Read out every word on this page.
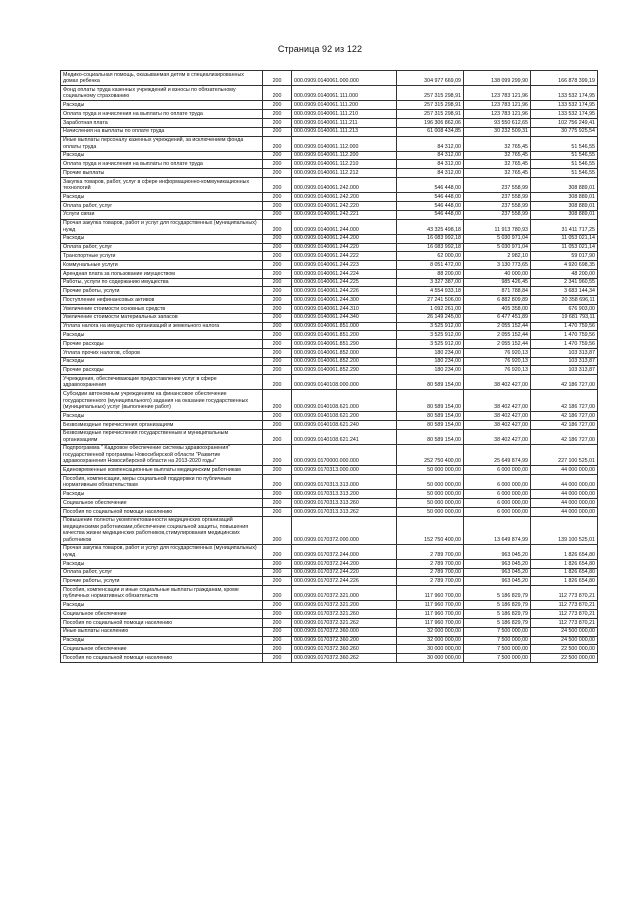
Страница 92 из 122
Медико-социальная помощь, оказываемая детям в специализированных домах ребенка	200	000.0909.0140061.000.000	304 977 669,09	138 099 299,90	166 878 399,19
Фонд оплаты труда казенных учреждений и взносы по обязательному социальному страхованию	200	000.0909.0140061.111.000	257 315 298,91	123 783 121,96	133 532 174,95
Расходы	200	000.0909.0140061.111.200	257 315 298,91	123 783 121,96	133 532 174,95
Оплата труда и начисления на выплаты по оплате труда	200	000.0909.0140061.111.210	257 315 298,91	123 783 121,96	133 532 174,95
Заработная плата	200	000.0909.0140061.111.211	196 306 862,06	93 550 612,65	102 756 249,41
Начисления на выплаты по оплате труда	200	000.0909.0140061.111.213	61 008 434,85	30 232 509,31	30 775 925,54
Иные выплаты персоналу казенных учреждений, за исключением фонда оплаты труда	200	000.0909.0140061.112.000	84 312,00	32 765,45	51 546,55
Расходы	200	000.0909.0140061.112.200	84 312,00	32 765,45	51 546,55
Оплата труда и начисления на выплаты по оплате труда	200	000.0909.0140061.112.210	84 312,00	32 765,45	51 546,55
Прочие выплаты	200	000.0909.0140061.112.212	84 312,00	32 765,45	51 546,55
Закупка товаров, работ, услуг в сфере информационно-коммуникационных технологий	200	000.0909.0140061.242.000	546 448,00	237 558,99	308 889,01
Расходы	200	000.0909.0140061.242.200	546 448,00	237 558,99	308 889,01
Оплата работ, услуг	200	000.0909.0140061.242.220	546 448,00	237 558,99	308 889,01
Услуги связи	200	000.0909.0140061.242.221	546 448,00	237 558,99	308 889,01
Прочая закупка товаров, работ и услуг для государственных (муниципальных) нужд	200	000.0909.0140061.244.000	43 325 498,18	11 913 780,93	31 411 717,25
Расходы	200	000.0909.0140061.244.200	16 083 992,18	5 030 971,04	11 053 021,14
Оплата работ, услуг	200	000.0909.0140061.244.220	16 083 992,18	5 030 971,04	11 053 021,14
Транспортные услуги	200	000.0909.0140061.244.222	62 000,00	2 982,10	59 017,90
Коммунальные услуги	200	000.0909.0140061.244.223	8 051 472,00	3 130 773,65	4 920 698,35
Арендная плата за пользование имуществом	200	000.0909.0140061.244.224	88 200,00	40 000,00	48 200,00
Работы, услуги по содержанию имущества	200	000.0909.0140061.244.225	3 327 387,00	985 426,45	2 341 960,55
Прочие работы, услуги	200	000.0909.0140061.244.226	4 554 933,18	871 788,84	3 683 144,34
Поступление нефинансовых активов	200	000.0909.0140061.244.300	27 241 506,00	6 882 809,89	20 358 696,11
Увеличение стоимости основных средств	200	000.0909.0140061.244.310	1 092 261,00	405 358,00	676 903,00
Увеличение стоимости материальных запасов	200	000.0909.0140061.244.340	26 149 245,00	6 477 451,89	19 681 793,11
Уплата налога на имущество организаций и земельного налога	200	000.0909.0140061.851.000	3 525 912,00	2 055 152,44	1 470 759,56
Расходы	200	000.0909.0140061.851.200	3 525 912,00	2 055 152,44	1 470 759,56
Прочие расходы	200	000.0909.0140061.851.290	3 525 912,00	2 055 152,44	1 470 759,56
Уплата прочих налогов, сборов	200	000.0909.0140061.852.000	180 234,00	76 920,13	103 313,87
Расходы	200	000.0909.0140061.852.200	180 234,00	76 920,13	103 313,87
Прочие расходы	200	000.0909.0140061.852.290	180 234,00	76 920,13	103 313,87
Учреждения, обеспечивающие предоставление услуг в сфере здравоохранения	200	000.0909.0140108.000.000	80 589 154,00	38 402 427,00	42 186 727,00
Субсидии автономным учреждениям на финансовое обеспечение государственного (муниципального) задания на оказание государственных (муниципальных) услуг (выполнение работ)	200	000.0909.0140108.621.000	80 589 154,00	38 402 427,00	42 186 727,00
Расходы	200	000.0909.0140108.621.200	80 589 154,00	38 402 427,00	42 186 727,00
Безвозмездные перечисления организациям	200	000.0909.0140108.621.240	80 589 154,00	38 402 427,00	42 186 727,00
Безвозмездные перечисления государственным и муниципальным организациям	200	000.0909.0140108.621.241	80 589 154,00	38 402 427,00	42 186 727,00
Подпрограмма " Кадровое обеспечение системы здравоохранения" государственной программы Новосибирской области "Развитие здравоохранения Новосибирской области на 2013-2020 годы"	200	000.0909.0170000.000.000	252 750 400,00	25 649 874,99	227 100 525,01
Единовременные компенсационные выплаты медицинским работникам	200	000.0909.0170313.000.000	50 000 000,00	6 000 000,00	44 000 000,00
Пособия, компенсации, меры социальной поддержки по публичным нормативным обязательствам	200	000.0909.0170313.313.000	50 000 000,00	6 000 000,00	44 000 000,00
Расходы	200	000.0909.0170313.313.200	50 000 000,00	6 000 000,00	44 000 000,00
Социальное обеспечение	200	000.0909.0170313.313.260	50 000 000,00	6 000 000,00	44 000 000,00
Пособия по социальной помощи населению	200	000.0909.0170313.313.262	50 000 000,00	6 000 000,00	44 000 000,00
Повышение полноты укомплектованности медицинских организаций медицинскими работниками,обеспечение социальной защиты, повышения качества жизни медицинских работников,стимулирования медицинских работников	200	000.0909.0170372.000.000	152 750 400,00	13 649 874,99	139 100 525,01
Прочая закупка товаров, работ и услуг для государственных (муниципальных) нужд	200	000.0909.0170372.244.000	2 789 700,00	963 045,20	1 826 654,80
Расходы	200	000.0909.0170372.244.200	2 789 700,00	963 045,20	1 826 654,80
Оплата работ, услуг	200	000.0909.0170372.244.220	2 789 700,00	963 045,20	1 826 654,80
Прочие работы, услуги	200	000.0909.0170372.244.226	2 789 700,00	963 045,20	1 826 654,80
Пособия, компенсации и иные социальные выплаты гражданам, кроме публичных нормативных обязательств	200	000.0909.0170372.321.000	117 960 700,00	5 186 829,79	112 773 870,21
Расходы	200	000.0909.0170372.321.200	117 960 700,00	5 186 829,79	112 773 870,21
Социальное обеспечение	200	000.0909.0170372.321.260	117 960 700,00	5 186 829,79	112 773 870,21
Пособия по социальной помощи населению	200	000.0909.0170372.321.262	117 960 700,00	5 186 829,79	112 773 870,21
Иные выплаты населению	200	000.0909.0170372.360.000	32 000 000,00	7 500 000,00	24 500 000,00
Расходы	200	000.0909.0170372.360.200	32 000 000,00	7 500 000,00	24 500 000,00
Социальное обеспечение	200	000.0909.0170372.360.260	30 000 000,00	7 500 000,00	22 500 000,00
Пособия по социальной помощи населению	200	000.0909.0170372.360.262	30 000 000,00	7 500 000,00	22 500 000,00
